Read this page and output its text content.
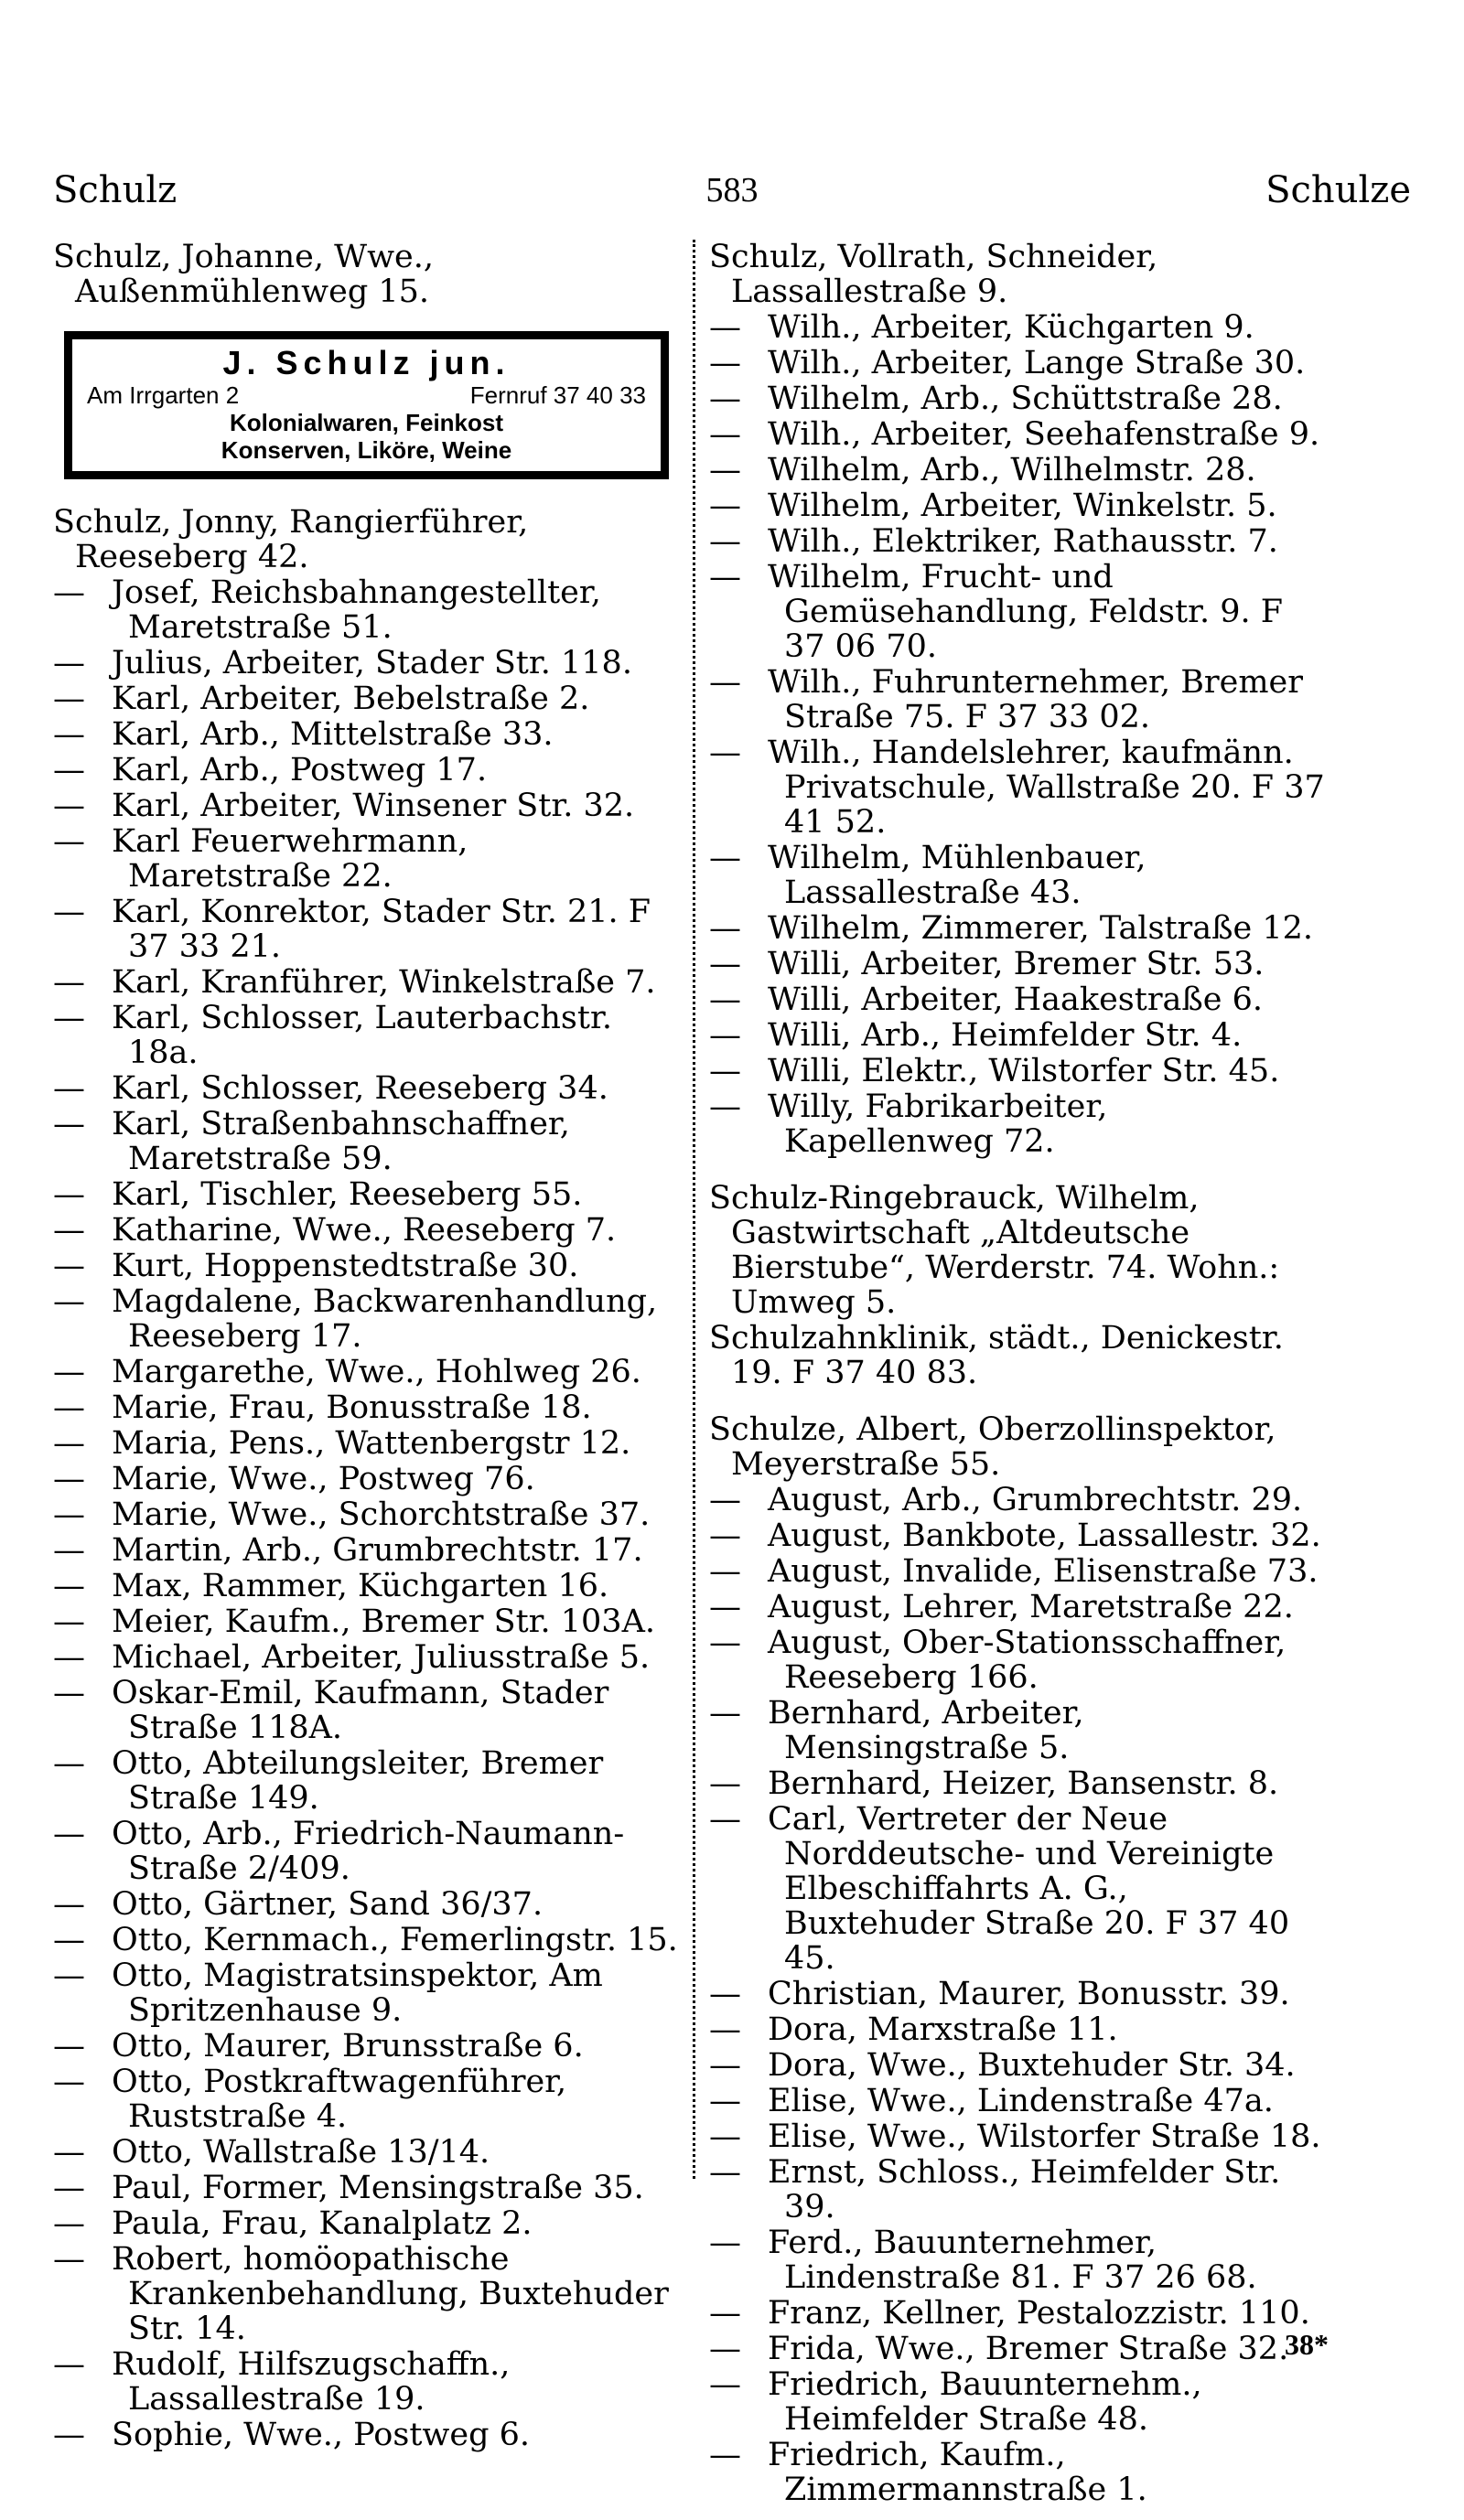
Schulz	583	Schulze
Schulz, Johanne, Wwe., Außenmühlenweg 15.
J. Schulz jun.
Am Irrgarten 2	Fernruf 37 40 33
Kolonialwaren, Feinkost
Konserven, Liköre, Weine
Schulz, Jonny, Rangierführer, Reeseberg 42.
— Josef, Reichsbahnangestellter, Maretstraße 51.
— Julius, Arbeiter, Stader Str. 118.
— Karl, Arbeiter, Bebelstraße 2.
— Karl, Arb., Mittelstraße 33.
— Karl, Arb., Postweg 17.
— Karl, Arbeiter, Winsener Str. 32.
— Karl Feuerwehrmann, Maretstraße 22.
— Karl, Konrektor, Stader Str. 21. F 37 33 21.
— Karl, Kranführer, Winkelstraße 7.
— Karl, Schlosser, Lauterbachstr. 18a.
— Karl, Schlosser, Reeseberg 34.
— Karl, Straßenbahnschaffner, Maretstraße 59.
— Karl, Tischler, Reeseberg 55.
— Katharine, Wwe., Reeseberg 7.
— Kurt, Hoppenstedtstraße 30.
— Magdalene, Backwarenhandlung, Reeseberg 17.
— Margarethe, Wwe., Hohlweg 26.
— Marie, Frau, Bonusstraße 18.
— Maria, Pens., Wattenbergstr 12.
— Marie, Wwe., Postweg 76.
— Marie, Wwe., Schorchtstraße 37.
— Martin, Arb., Grumbrechtstr. 17.
— Max, Rammer, Küchgarten 16.
— Meier, Kaufm., Bremer Str. 103A.
— Michael, Arbeiter, Juliusstraße 5.
— Oskar-Emil, Kaufmann, Stader Straße 118A.
— Otto, Abteilungsleiter, Bremer Straße 149.
— Otto, Arb., Friedrich-Naumann-Straße 2/409.
— Otto, Gärtner, Sand 36/37.
— Otto, Kernmach., Femerlingstr. 15.
— Otto, Magistratsinspektor, Am Spritzenhause 9.
— Otto, Maurer, Brunsstraße 6.
— Otto, Postkraftwagenführer, Ruststraße 4.
— Otto, Wallstraße 13/14.
— Paul, Former, Mensingstraße 35.
— Paula, Frau, Kanalplatz 2.
— Robert, homöopathische Krankenbehandlung, Buxtehuder Str. 14.
— Rudolf, Hilfszugschaffn., Lassallestraße 19.
— Sophie, Wwe., Postweg 6.
Schulz, Vollrath, Schneider, Lassallestraße 9.
— Wilh., Arbeiter, Küchgarten 9.
— Wilh., Arbeiter, Lange Straße 30.
— Wilhelm, Arb., Schüttstraße 28.
— Wilh., Arbeiter, Seehafenstraße 9.
— Wilhelm, Arb., Wilhelmstr. 28.
— Wilhelm, Arbeiter, Winkelstr. 5.
— Wilh., Elektriker, Rathausstr. 7.
— Wilhelm, Frucht- und Gemüsehandlung, Feldstr. 9. F 37 06 70.
— Wilh., Fuhrunternehmer, Bremer Straße 75. F 37 33 02.
— Wilh., Handelslehrer, kaufmänn. Privatschule, Wallstraße 20. F 37 41 52.
— Wilhelm, Mühlenbauer, Lassallestraße 43.
— Wilhelm, Zimmerer, Talstraße 12.
— Willi, Arbeiter, Bremer Str. 53.
— Willi, Arbeiter, Haakestraße 6.
— Willi, Arb., Heimfelder Str. 4.
— Willi, Elektr., Wilstorfer Str. 45.
— Willy, Fabrikarbeiter, Kapellenweg 72.
Schulz-Ringebrauck, Wilhelm, Gastwirtschaft „Altdeutsche Bierstube“, Werderstr. 74. Wohn.: Umweg 5.
Schulzahnklinik, städt., Denickestr. 19. F 37 40 83.
Schulze, Albert, Oberzollinspektor, Meyerstraße 55.
— August, Arb., Grumbrechtstr. 29.
— August, Bankbote, Lassallestr. 32.
— August, Invalide, Elisenstraße 73.
— August, Lehrer, Maretstraße 22.
— August, Ober-Stationsschaffner, Reeseberg 166.
— Bernhard, Arbeiter, Mensingstraße 5.
— Bernhard, Heizer, Bansenstr. 8.
— Carl, Vertreter der Neue Norddeutsche- und Vereinigte Elbeschiffahrts A. G., Buxtehuder Straße 20. F 37 40 45.
— Christian, Maurer, Bonusstr. 39.
— Dora, Marxstraße 11.
— Dora, Wwe., Buxtehuder Str. 34.
— Elise, Wwe., Lindenstraße 47a.
— Elise, Wwe., Wilstorfer Straße 18.
— Ernst, Schloss., Heimfelder Str. 39.
— Ferd., Bauunternehmer, Lindenstraße 81. F 37 26 68.
— Franz, Kellner, Pestalozzistr. 110.
— Frida, Wwe., Bremer Straße 32.
— Friedrich, Bauunternehm., Heimfelder Straße 48.
— Friedrich, Kaufm., Zimmermannstraße 1.
38*
